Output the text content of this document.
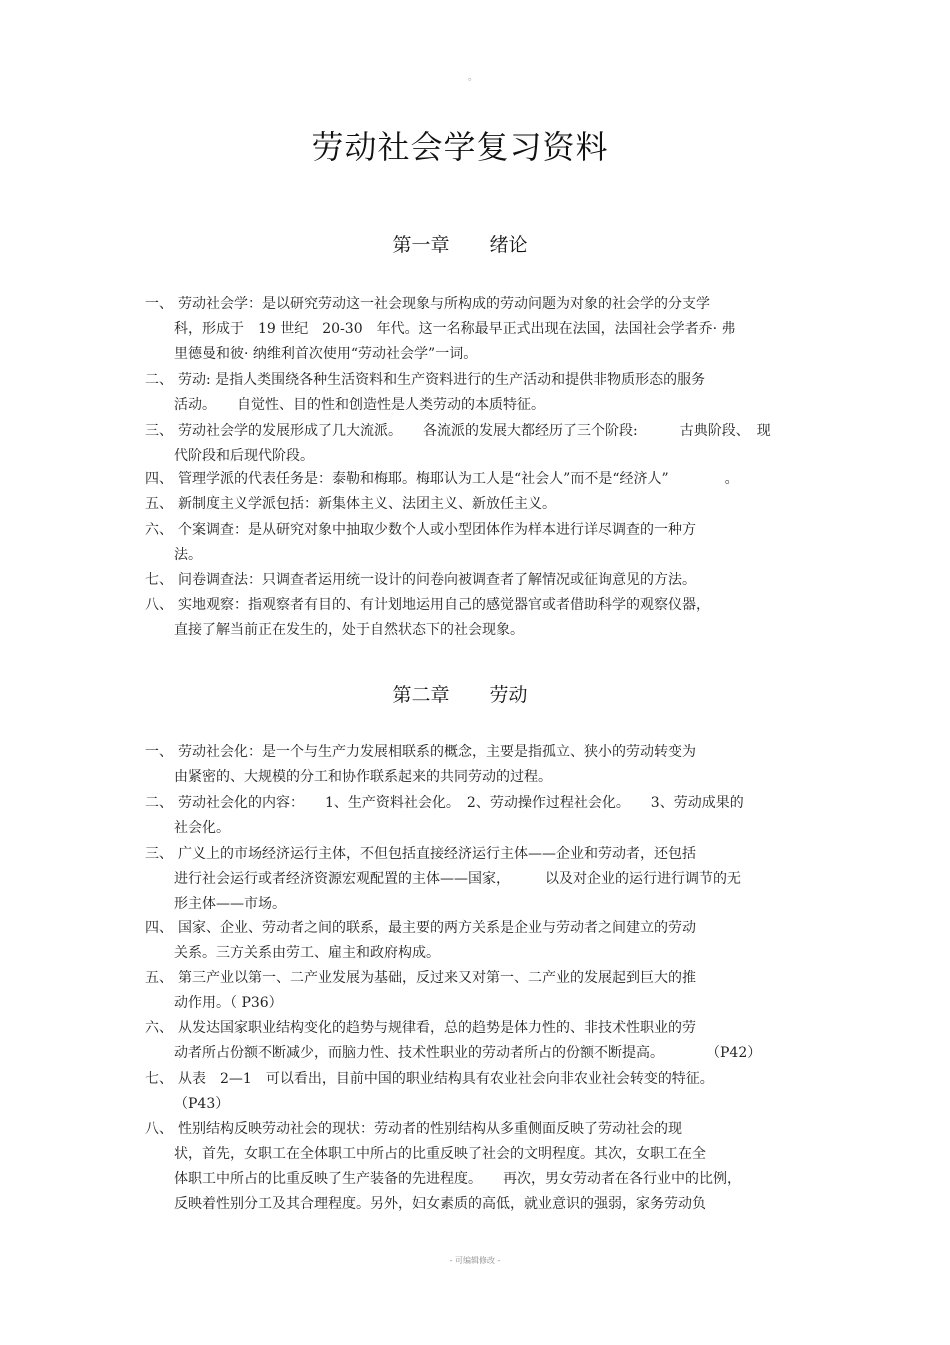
。
劳动社会学复习资料
第一章 绪论
一、 劳动社会学：是以研究劳动这一社会现象与所构成的劳动问题为对象的社会学的分支学
科，形成于　19 世纪　20-30　年代。这一名称最早正式出现在法国，法国社会学者乔· 弗
里德曼和彼· 纳维利首次使用“劳动社会学”一词。
二、 劳动: 是指人类围绕各种生活资料和生产资料进行的生产活动和提供非物质形态的服务
活动。　　自觉性、目的性和创造性是人类劳动的本质特征。
三、 劳动社会学的发展形成了几大流派。　　各流派的发展大都经历了三个阶段:　　　古典阶段、　现
代阶段和后现代阶段。
四、 管理学派的代表任务是：泰勒和梅耶。梅耶认为工人是“社会人”而不是“经济人”　　　　。
五、 新制度主义学派包括：新集体主义、法团主义、新放任主义。
六、 个案调查：是从研究对象中抽取少数个人或小型团体作为样本进行详尽调查的一种方
法。
七、 问卷调查法：只调查者运用统一设计的问卷向被调查者了解情况或征询意见的方法。
八、 实地观察：指观察者有目的、有计划地运用自己的感觉器官或者借助科学的观察仪器，
直接了解当前正在发生的，处于自然状态下的社会现象。
第二章 劳动
一、 劳动社会化：是一个与生产力发展相联系的概念，主要是指孤立、狭小的劳动转变为
由紧密的、大规模的分工和协作联系起来的共同劳动的过程。
二、 劳动社会化的内容：　　1、生产资料社会化。　2、劳动操作过程社会化。　　3、劳动成果的
社会化。
三、 广义上的市场经济运行主体，不但包括直接经济运行主体——企业和劳动者，还包括
进行社会运行或者经济资源宏观配置的主体——国家，　　　以及对企业的运行进行调节的无
形主体——市场。
四、 国家、企业、劳动者之间的联系，最主要的两方关系是企业与劳动者之间建立的劳动
关系。三方关系由劳工、雇主和政府构成。
五、 第三产业以第一、二产业发展为基础，反过来又对第一、二产业的发展起到巨大的推
动作用。（ P36）
六、 从发达国家职业结构变化的趋势与规律看，总的趋势是体力性的、非技术性职业的劳
动者所占份额不断减少，而脑力性、技术性职业的劳动者所占的份额不断提高。　　　　（P42）
七、 从表　2—1　可以看出，目前中国的职业结构具有农业社会向非农业社会转变的特征。
（P43）
八、 性别结构反映劳动社会的现状：劳动者的性别结构从多重侧面反映了劳动社会的现
状，首先，女职工在全体职工中所占的比重反映了社会的文明程度。其次，女职工在全
体职工中所占的比重反映了生产装备的先进程度。　　再次，男女劳动者在各行业中的比例，
反映着性别分工及其合理程度。另外，妇女素质的高低，就业意识的强弱，家务劳动负
- 可编辑修改 -
